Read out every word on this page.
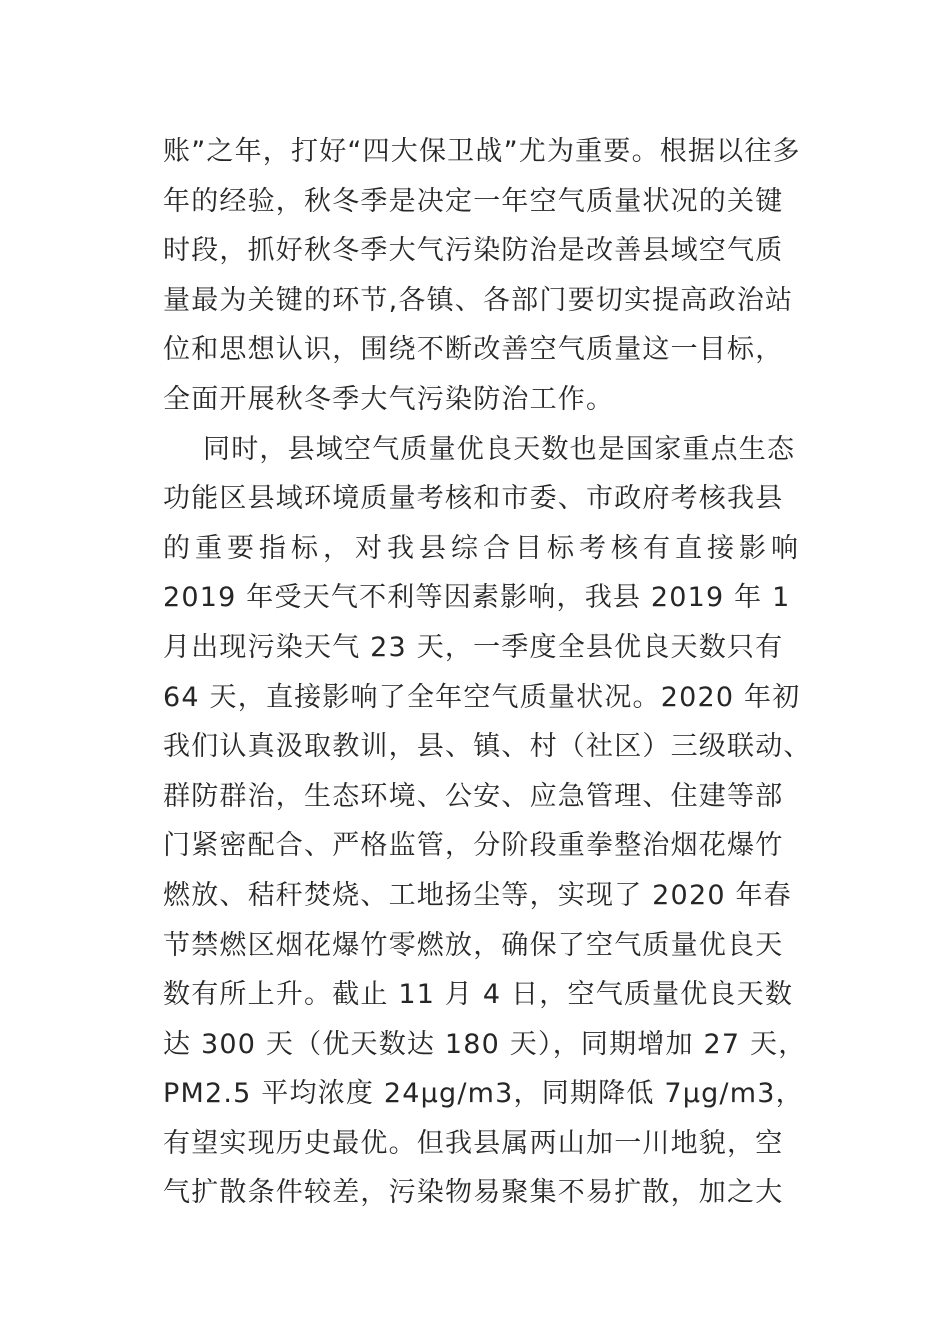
账”之年，打好“四大保卫战”尤为重要。根据以往多
年的经验，秋冬季是决定一年空气质量状况的关键
时段，抓好秋冬季大气污染防治是改善县域空气质
量最为关键的环节,各镇、各部门要切实提高政治站
位和思想认识，围绕不断改善空气质量这一目标，
全面开展秋冬季大气污染防治工作。
同时，县域空气质量优良天数也是国家重点生态
功能区县域环境质量考核和市委、市政府考核我县
的重要指标，对我县综合目标考核有直接影响
2019 年受天气不利等因素影响，我县 2019 年 1
月出现污染天气 23 天，一季度全县优良天数只有
64 天，直接影响了全年空气质量状况。2020 年初
我们认真汲取教训，县、镇、村（社区）三级联动、
群防群治，生态环境、公安、应急管理、住建等部
门紧密配合、严格监管，分阶段重拳整治烟花爆竹
燃放、秸秆焚烧、工地扬尘等，实现了 2020 年春
节禁燃区烟花爆竹零燃放，确保了空气质量优良天
数有所上升。截止 11 月 4 日，空气质量优良天数
达 300 天（优天数达 180 天），同期增加 27 天，
PM2.5 平均浓度 24μg/m3，同期降低 7μg/m3，
有望实现历史最优。但我县属两山加一川地貌，空
气扩散条件较差，污染物易聚集不易扩散，加之大
